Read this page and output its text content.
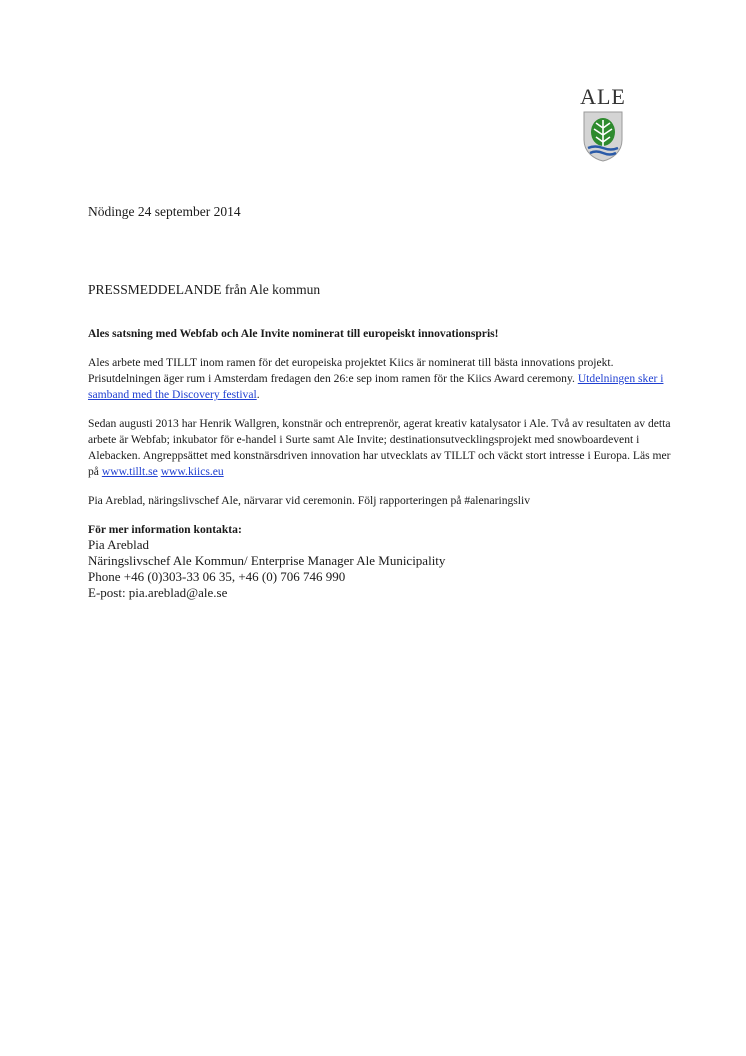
ALE
Nödinge 24 september 2014
PRESSMEDDELANDE från Ale kommun

Ales satsning med Webfab och Ale Invite nominerat till europeiskt innovationspris!

Ales arbete med TILLT inom ramen för det europeiska projektet Kiics är nominerat till bästa innovations projekt. Prisutdelningen äger rum i Amsterdam fredagen den 26:e sep inom ramen för the Kiics Award ceremony. Utdelningen sker i samband med the Discovery festival.

Sedan augusti 2013 har Henrik Wallgren, konstnär och entreprenör, agerat kreativ katalysator i Ale. Två av resultaten av detta arbete är Webfab; inkubator för e-handel i Surte samt Ale Invite; destinationsutvecklingsprojekt med snowboardevent i Alebacken. Angreppsättet med konstnärsdriven innovation har utvecklats av TILLT och väckt stort intresse i Europa. Läs mer på www.tillt.se www.kiics.eu

Pia Areblad, näringslivschef Ale, närvarar vid ceremonin. Följ rapporteringen på #alenaringsliv

För mer information kontakta:

Pia Areblad
Näringslivschef Ale Kommun/ Enterprise Manager Ale Municipality
Phone +46 (0)303-33 06 35, +46 (0) 706 746 990
E-post: pia.areblad@ale.se
